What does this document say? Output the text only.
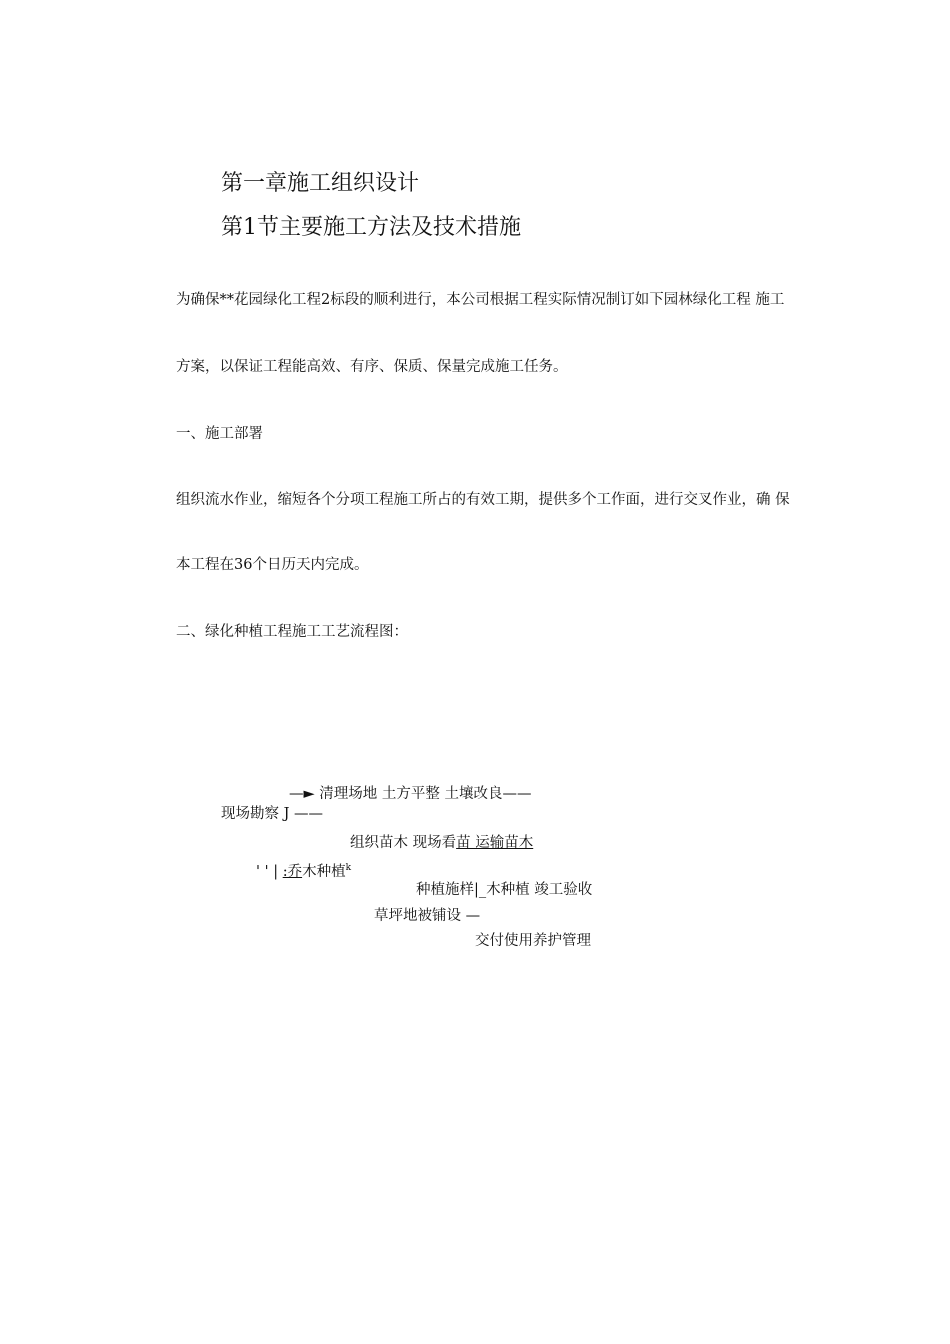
第一章施工组织设计
第1节主要施工方法及技术措施
为确保**花园绿化工程2标段的顺利进行，本公司根据工程实际情况制订如下园林绿化工程 施工
方案，以保证工程能高效、有序、保质、保量完成施工任务。
一、施工部署
组织流水作业，缩短各个分项工程施工所占的有效工期，提供多个工作面，进行交叉作业，确 保
本工程在36个日历天内完成。
二、绿化种植工程施工工艺流程图：
—► 清理场地 土方平整 土壤改良——
现场勘察 J ——
组织苗木 现场看苗 运输苗木
' ' | :乔木种植$^k$
种植施样|_木种植 竣工验收
草坪地被铺设 —
交付使用养护管理
